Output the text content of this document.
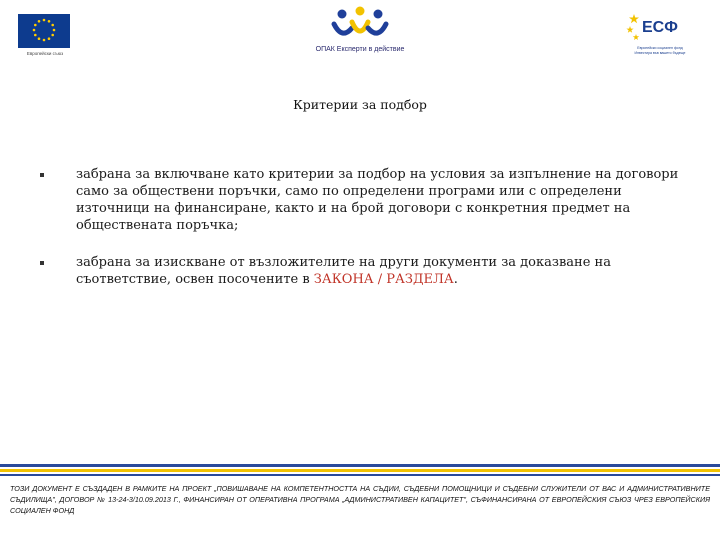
Европейски съюз
ОПАК Експерти в действие
ЕСФ
Европейски социален фонд
Инвестира във вашето бъдеще
Критерии за подбор
забрана за включване като критерии за подбор на условия за изпълнение на договори само за обществени поръчки, само по определени програми или с определени източници на финансиране, както и на брой договори с конкретния предмет на обществената поръчка;
забрана за изискване от възложителите на други документи за доказване на съответствие, освен посочените в ЗАКОНА / РАЗДЕЛА.
ТОЗИ ДОКУМЕНТ Е СЪЗДАДЕН В РАМКИТЕ НА ПРОЕКТ „ПОВИШАВАНЕ НА КОМПЕТЕНТНОСТТА НА СЪДИИ, СЪДЕБНИ ПОМОЩНИЦИ И СЪДЕБНИ СЛУЖИТЕЛИ ОТ ВАС И АДМИНИСТРАТИВНИТЕ СЪДИЛИЩА", ДОГОВОР № 13-24-3/10.09.2013 Г., ФИНАНСИРАН ОТ ОПЕРАТИВНА ПРОГРАМА „АДМИНИСТРАТИВЕН КАПАЦИТЕТ", СЪФИНАНСИРАНА ОТ ЕВРОПЕЙСКИЯ СЪЮЗ ЧРЕЗ ЕВРОПЕЙСКИЯ СОЦИАЛЕН ФОНД
